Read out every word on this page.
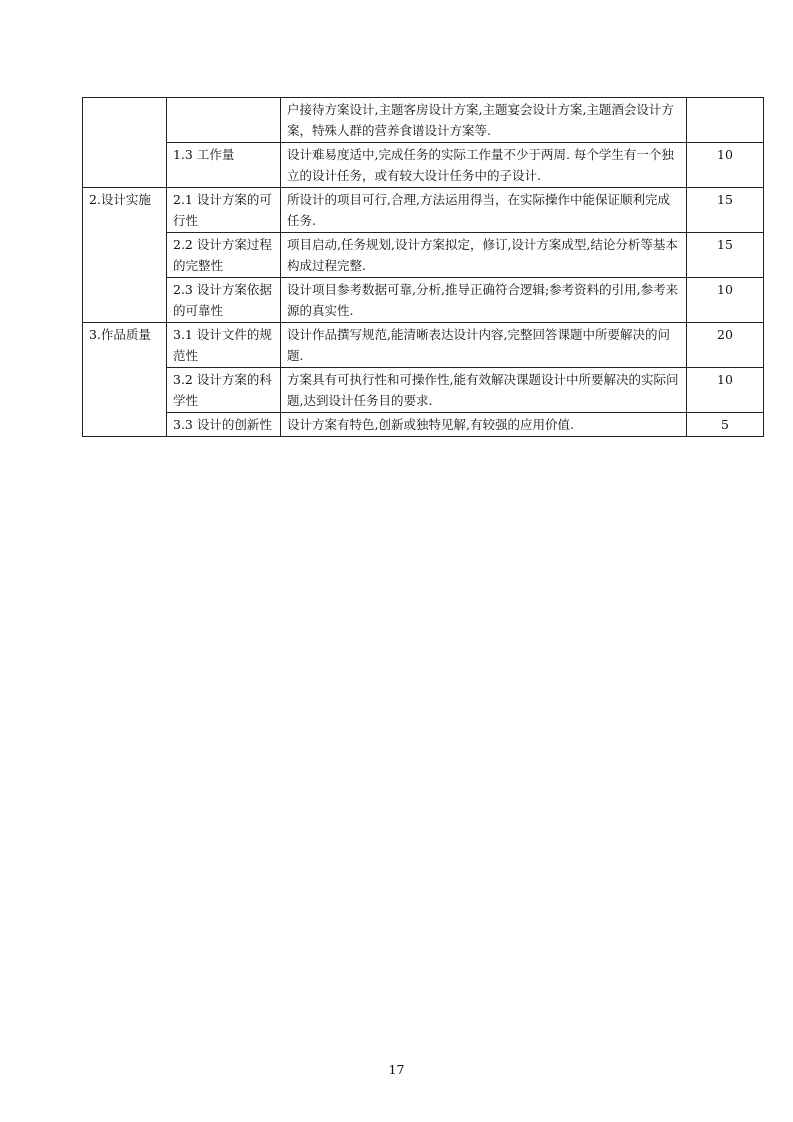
		户接待方案设计,主题客房设计方案,主题宴会设计方案,主题酒会设计方案，特殊人群的营养食谱设计方案等.	
	1.3 工作量	设计难易度适中,完成任务的实际工作量不少于两周. 每个学生有一个独立的设计任务，或有较大设计任务中的子设计.	10
2.设计实施	2.1 设计方案的可行性	所设计的项目可行,合理,方法运用得当，在实际操作中能保证顺利完成任务.	15
	2.2 设计方案过程的完整性	项目启动,任务规划,设计方案拟定，修订,设计方案成型,结论分析等基本构成过程完整.	15
	2.3 设计方案依据的可靠性	设计项目参考数据可靠,分析,推导正确符合逻辑;参考资料的引用,参考来源的真实性.	10
3.作品质量	3.1 设计文件的规范性	设计作品撰写规范,能清晰表达设计内容,完整回答课题中所要解决的问题.	20
	3.2 设计方案的科学性	方案具有可执行性和可操作性,能有效解决课题设计中所要解决的实际问题,达到设计任务目的要求.	10
	3.3 设计的创新性	设计方案有特色,创新或独特见解,有较强的应用价值.	5
17
